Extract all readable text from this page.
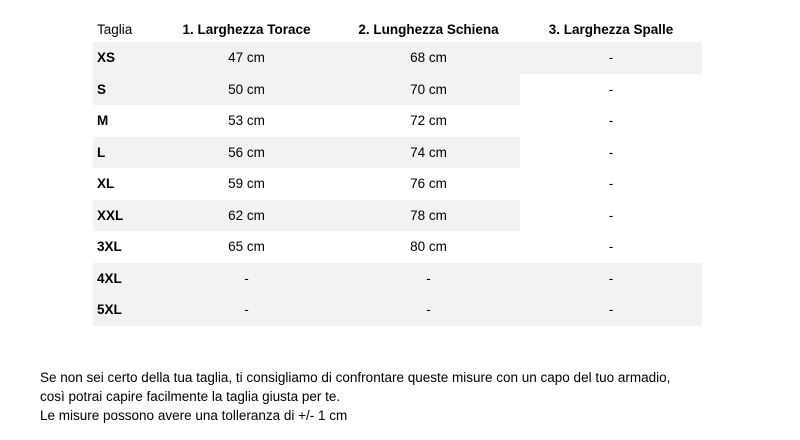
Taglia	1. Larghezza Torace	2. Lunghezza Schiena	3. Larghezza Spalle
XS	47 cm	68 cm	-
S	50 cm	70 cm	-
M	53 cm	72 cm	-
L	56 cm	74 cm	-
XL	59 cm	76 cm	-
XXL	62 cm	78 cm	-
3XL	65 cm	80 cm	-
4XL	-	-	-
5XL	-	-	-

Se non sei certo della tua taglia, ti consigliamo di confrontare queste misure con un capo del tuo armadio,

così potrai capire facilmente la taglia giusta per te.

Le misure possono avere una tolleranza di +/- 1 cm
